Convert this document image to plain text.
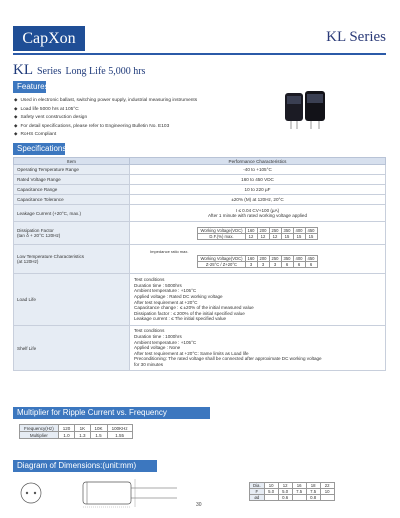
CapXon	KL Series
KL Series Long Life 5,000 hrs
Features
◆ Used in electronic ballast, switching power supply, industrial measuring instruments
◆ Load life 5000 hrs at 105°C
◆ Safety vent construction design
◆ For detail specifications, please refer to Engineering Bulletin No. E103
◆ RoHS Compliant
Specifications
Item	Performance Characteristics
Operating Temperature Range	-40 to +105°C
Rated Voltage Range	160 to 450 VDC
Capacitance Range	10 to 220 µF
Capacitance Tolerance	±20% (M) at 120Hz, 20°C
Leakage Current (+20°C, max.)	I ≤ 0.04 CV+100 (µA)
After 1 minute with rated working voltage applied

Dissipation Factor
(tan δ + 20°C 120Hz)

Working Voltage(VDC)	160	200	250	350	400	450
D.F.(%) max.	12	12	12	15	15	15

Low Temperature Characteristics
(at 120Hz)

Impedance ratio max.
Working Voltage(VDC)	160	200	250	350	400	450
Z-25°C / Z+20°C	3	3	3	6	6	6

Load Life	
Test conditions
Duration time : 5000hrs
Ambient temperature : +105°C
Applied voltage : Rated DC working voltage
After test requirement at +20°C
Capacitance change : ≤ ±20% of the initial measured value
Dissipation factor : ≤ 200% of the initial specified value
Leakage current : ≤ The initial specified value

Shelf Life	
Test conditions
Duration time : 1000hrs
Ambient temperature : +105°C
Applied voltage : None
After test requirement at +20°C: Same limits as Load life
Preconditioning: The rated voltage shall be connected after approximate DC working voltage
for 30 minutes
Multiplier for Ripple Current vs. Frequency
Frequency(Hz)	120	1K	10K	100KHz
Multiplier	1.0	1.3	1.5	1.55
Diagram of Dimensions:(unit:mm)
Dia.	10	12	16	18	22
F	5.0	5.0	7.5	7.5	10
ød		0.6		0.8	
30
